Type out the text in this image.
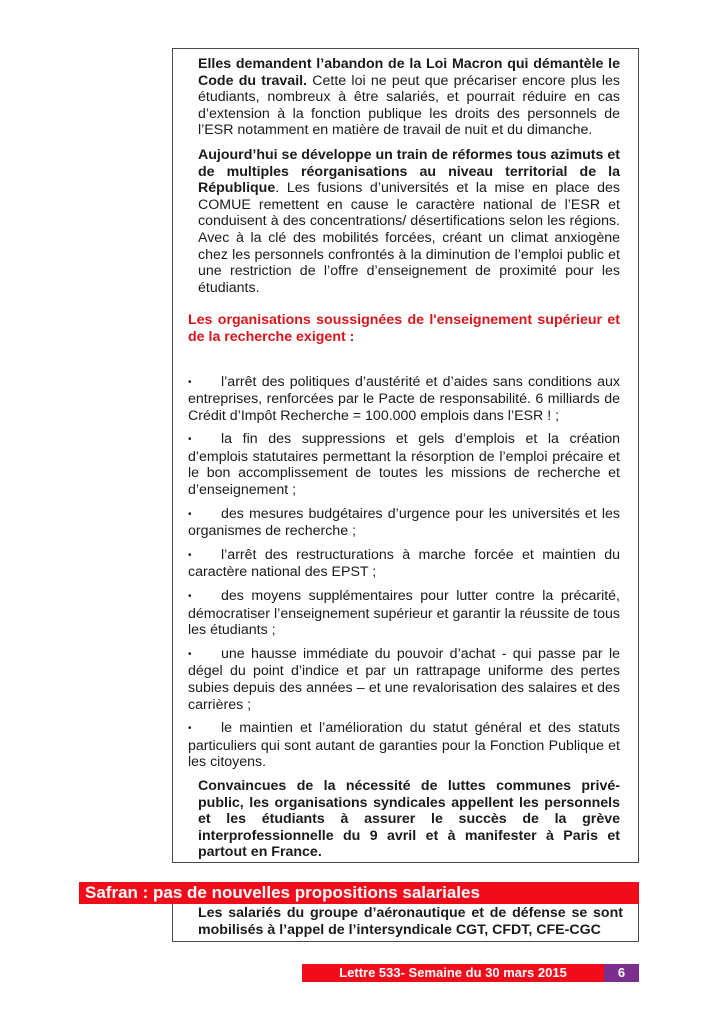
Elles demandent l’abandon de la Loi Macron qui démantèle le Code du travail. Cette loi ne peut que précariser encore plus les étudiants, nombreux à être salariés, et pourrait réduire en cas d’extension à la fonction publique les droits des personnels de l’ESR notamment en matière de travail de nuit et du dimanche.

Aujourd’hui se développe un train de réformes tous azimuts et de multiples réorganisations au niveau territorial de la République. Les fusions d’universités et la mise en place des COMUE remettent en cause le caractère national de l’ESR et conduisent à des concentrations/ désertifications selon les régions. Avec à la clé des mobilités forcées, créant un climat anxiogène chez les personnels confrontés à la diminution de l’emploi public et une restriction de l’offre d’enseignement de proximité pour les étudiants.

Les organisations soussignées de l'enseignement supérieur et de la recherche exigent :

• l’arrêt des politiques d’austérité et d’aides sans conditions aux entreprises, renforcées par le Pacte de responsabilité. 6 milliards de Crédit d’Impôt Recherche = 100.000 emplois dans l’ESR ! ;

• la fin des suppressions et gels d’emplois et la création d’emplois statutaires permettant la résorption de l’emploi précaire et le bon accomplissement de toutes les missions de recherche et d’enseignement ;

• des mesures budgétaires d’urgence pour les universités et les organismes de recherche ;

• l’arrêt des restructurations à marche forcée et maintien du caractère national des EPST ;

• des moyens supplémentaires pour lutter contre la précarité, démocratiser l’enseignement supérieur et garantir la réussite de tous les étudiants ;

• une hausse immédiate du pouvoir d’achat - qui passe par le dégel du point d’indice et par un rattrapage uniforme des pertes subies depuis des années – et une revalorisation des salaires et des carrières ;

• le maintien et l’amélioration du statut général et des statuts particuliers qui sont autant de garanties pour la Fonction Publique et les citoyens.

Convaincues de la nécessité de luttes communes privé-public, les organisations syndicales appellent les personnels et les étudiants à assurer le succès de la grève interprofessionnelle du 9 avril et à manifester à Paris et partout en France.

Safran : pas de nouvelles propositions salariales

Les salariés du groupe d’aéronautique et de défense se sont mobilisés à l’appel de l’intersyndicale CGT, CFDT, CFE-CGC

Lettre 533- Semaine du 30 mars 2015	6
